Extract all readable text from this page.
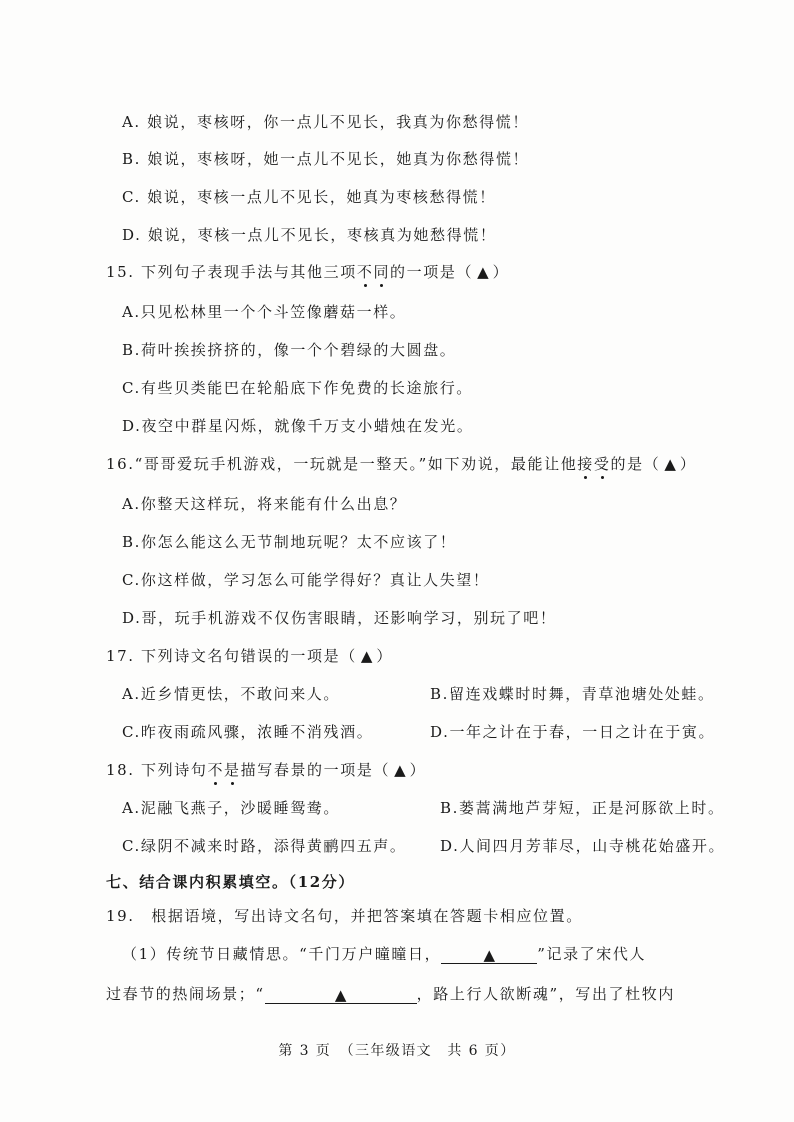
A. 娘说，枣核呀，你一点儿不见长，我真为你愁得慌！
B. 娘说，枣核呀，她一点儿不见长，她真为你愁得慌！
C. 娘说，枣核一点儿不见长，她真为枣核愁得慌！
D. 娘说，枣核一点儿不见长，枣核真为她愁得慌！
15. 下列句子表现手法与其他三项不同的一项是（ ▲ ）
A.只见松林里一个个斗笠像蘑菇一样。
B.荷叶挨挨挤挤的，像一个个碧绿的大圆盘。
C.有些贝类能巴在轮船底下作免费的长途旅行。
D.夜空中群星闪烁，就像千万支小蜡烛在发光。
16.“哥哥爱玩手机游戏，一玩就是一整天。”如下劝说，最能让他接受的是（ ▲ ）
A.你整天这样玩，将来能有什么出息？
B.你怎么能这么无节制地玩呢？太不应该了！
C.你这样做，学习怎么可能学得好？真让人失望！
D.哥，玩手机游戏不仅伤害眼睛，还影响学习，别玩了吧！
17. 下列诗文名句错误的一项是（ ▲ ）
A.近乡情更怯，不敢问来人。	B.留连戏蝶时时舞，青草池塘处处蛙。
C.昨夜雨疏风骤，浓睡不消残酒。	D.一年之计在于春，一日之计在于寅。
18. 下列诗句不是描写春景的一项是（ ▲ ）
A.泥融飞燕子，沙暖睡鸳鸯。	B.蒌蒿满地芦芽短，正是河豚欲上时。
C.绿阴不减来时路，添得黄鹂四五声。 D.人间四月芳菲尽，山寺桃花始盛开。
七、结合课内积累填空。（12分）
19.　根据语境，写出诗文名句，并把答案填在答题卡相应位置。
（1）传统节日藏情思。“千门万户曈曈日，	▲	”记录了宋代人
过春节的热闹场景；“	▲	，路上行人欲断魂”，写出了杜牧内
第 3 页　（三年级语文　共 6 页）
